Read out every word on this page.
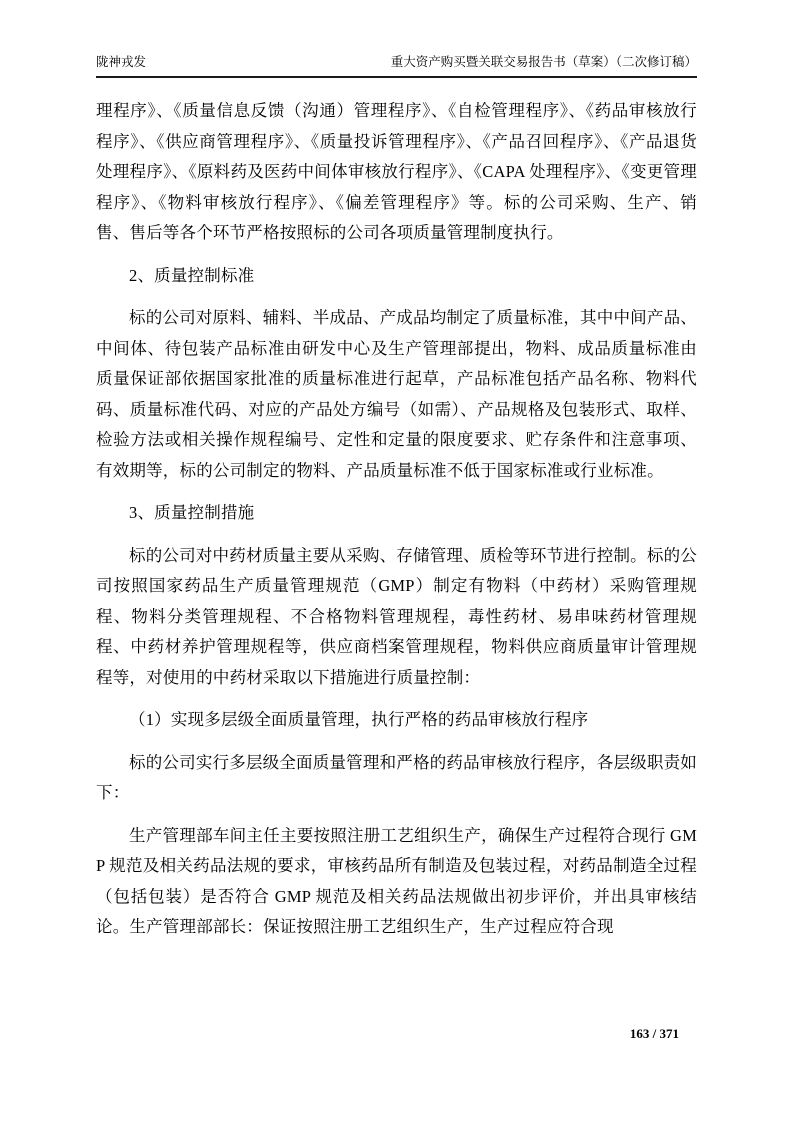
陇神戎发	重大资产购买暨关联交易报告书（草案）（二次修订稿）

理程序》、《质量信息反馈（沟通）管理程序》、《自检管理程序》、《药品审核放行程序》、《供应商管理程序》、《质量投诉管理程序》、《产品召回程序》、《产品退货处理程序》、《原料药及医药中间体审核放行程序》、《CAPA 处理程序》、《变更管理程序》、《物料审核放行程序》、《偏差管理程序》等。标的公司采购、生产、销售、售后等各个环节严格按照标的公司各项质量管理制度执行。

2、质量控制标准

标的公司对原料、辅料、半成品、产成品均制定了质量标准，其中中间产品、中间体、待包装产品标准由研发中心及生产管理部提出，物料、成品质量标准由质量保证部依据国家批准的质量标准进行起草，产品标准包括产品名称、物料代码、质量标准代码、对应的产品处方编号（如需）、产品规格及包装形式、取样、检验方法或相关操作规程编号、定性和定量的限度要求、贮存条件和注意事项、有效期等，标的公司制定的物料、产品质量标准不低于国家标准或行业标准。

3、质量控制措施

标的公司对中药材质量主要从采购、存储管理、质检等环节进行控制。标的公司按照国家药品生产质量管理规范（GMP）制定有物料（中药材）采购管理规程、物料分类管理规程、不合格物料管理规程，毒性药材、易串味药材管理规程、中药材养护管理规程等，供应商档案管理规程，物料供应商质量审计管理规程等，对使用的中药材采取以下措施进行质量控制：

（1）实现多层级全面质量管理，执行严格的药品审核放行程序

标的公司实行多层级全面质量管理和严格的药品审核放行程序，各层级职责如下：

生产管理部车间主任主要按照注册工艺组织生产，确保生产过程符合现行 GMP 规范及相关药品法规的要求，审核药品所有制造及包装过程，对药品制造全过程（包括包装）是否符合 GMP 规范及相关药品法规做出初步评价，并出具审核结论。生产管理部部长：保证按照注册工艺组织生产，生产过程应符合现

163 / 371
